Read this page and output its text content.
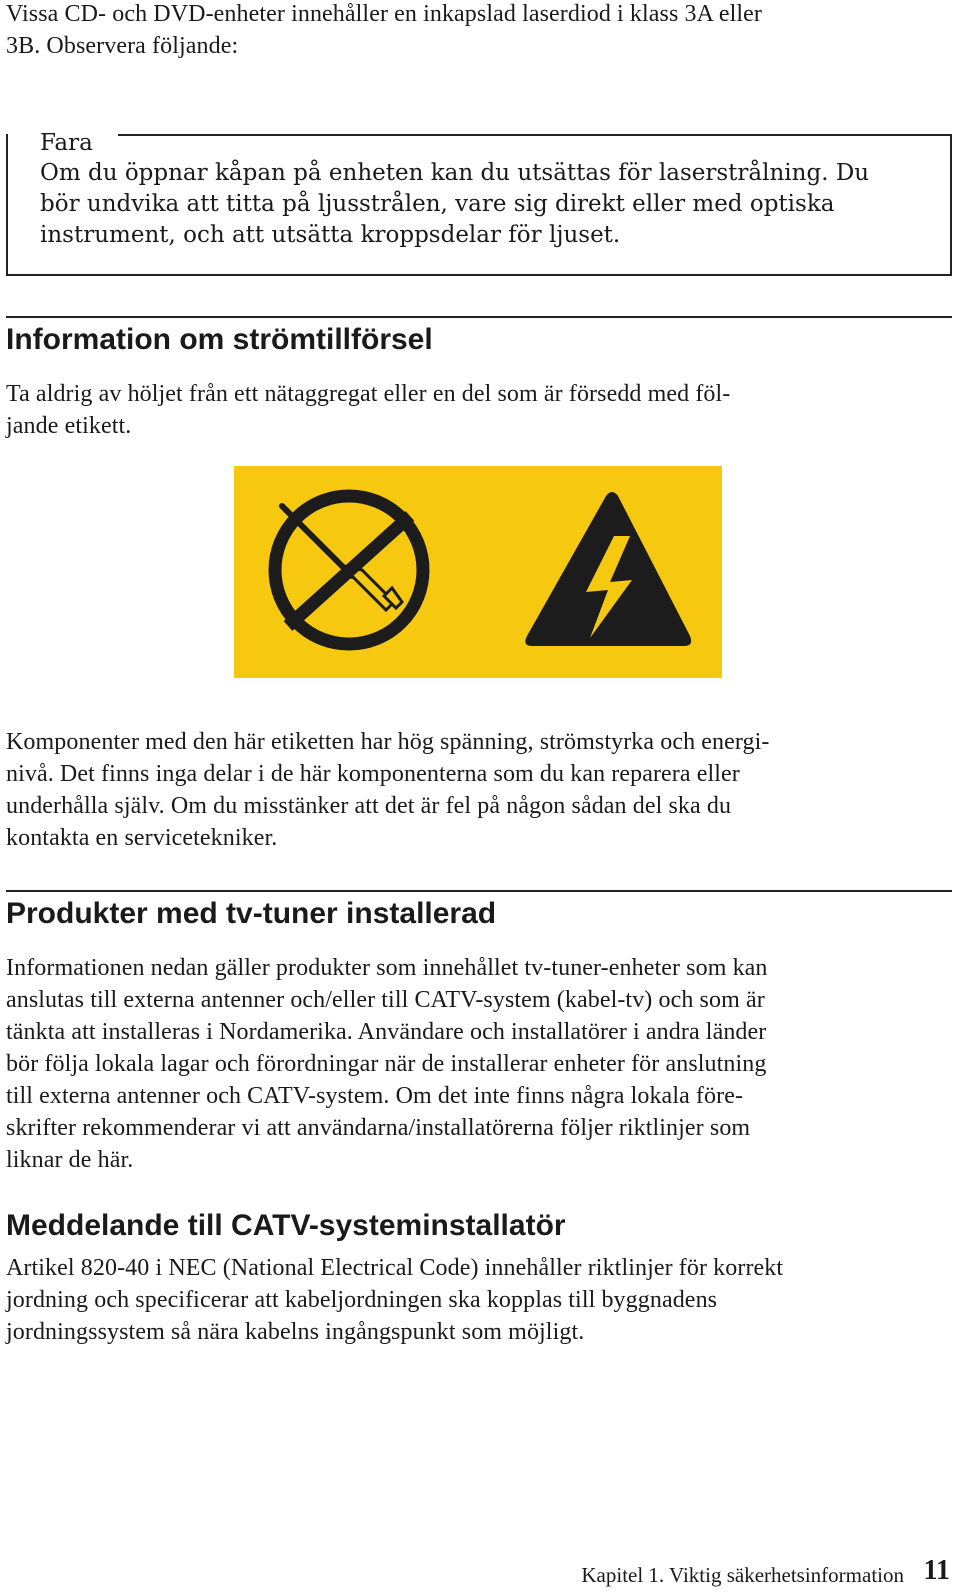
Vissa CD- och DVD-enheter innehåller en inkapslad laserdiod i klass 3A eller
3B. Observera följande:

Fara
Om du öppnar kåpan på enheten kan du utsättas för laserstrålning. Du
bör undvika att titta på ljusstrålen, vare sig direkt eller med optiska
instrument, och att utsätta kroppsdelar för ljuset.
Information om strömtillförsel

Ta aldrig av höljet från ett nätaggregat eller en del som är försedd med föl-
jande etikett.

Komponenter med den här etiketten har hög spänning, strömstyrka och energi-
nivå. Det finns inga delar i de här komponenterna som du kan reparera eller
underhålla själv. Om du misstänker att det är fel på någon sådan del ska du
kontakta en servicetekniker.

Produkter med tv-tuner installerad

Informationen nedan gäller produkter som innehållet tv-tuner-enheter som kan
anslutas till externa antenner och/eller till CATV-system (kabel-tv) och som är
tänkta att installeras i Nordamerika. Användare och installatörer i andra länder
bör följa lokala lagar och förordningar när de installerar enheter för anslutning
till externa antenner och CATV-system. Om det inte finns några lokala före-
skrifter rekommenderar vi att användarna/installatörerna följer riktlinjer som
liknar de här.

Meddelande till CATV-systeminstallatör

Artikel 820-40 i NEC (National Electrical Code) innehåller riktlinjer för korrekt
jordning och specificerar att kabeljordningen ska kopplas till byggnadens
jordningssystem så nära kabelns ingångspunkt som möjligt.

Kapitel 1. Viktig säkerhetsinformation 11
